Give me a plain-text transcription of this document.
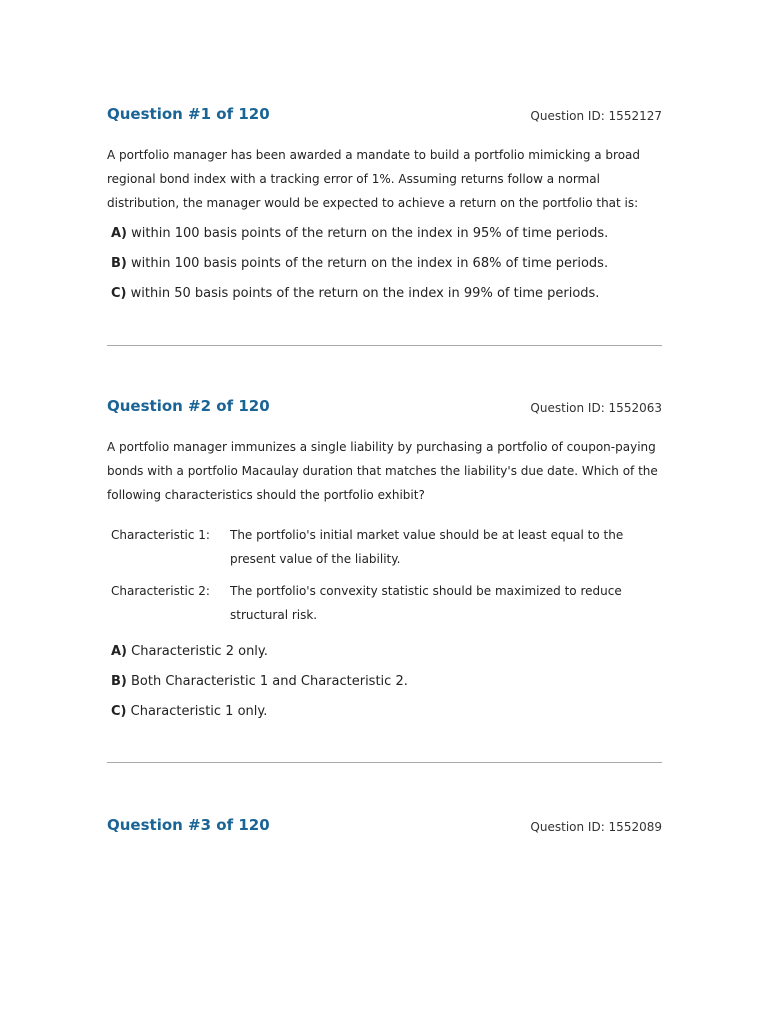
Question #1 of 120	Question ID: 1552127
A portfolio manager has been awarded a mandate to build a portfolio mimicking a broad regional bond index with a tracking error of 1%. Assuming returns follow a normal distribution, the manager would be expected to achieve a return on the portfolio that is:
A) within 100 basis points of the return on the index in 95% of time periods.
B) within 100 basis points of the return on the index in 68% of time periods.
C) within 50 basis points of the return on the index in 99% of time periods.
Question #2 of 120	Question ID: 1552063
A portfolio manager immunizes a single liability by purchasing a portfolio of coupon-paying bonds with a portfolio Macaulay duration that matches the liability's due date. Which of the following characteristics should the portfolio exhibit?
Characteristic 1:	The portfolio's initial market value should be at least equal to the present value of the liability.
Characteristic 2:	The portfolio's convexity statistic should be maximized to reduce structural risk.
A) Characteristic 2 only.
B) Both Characteristic 1 and Characteristic 2.
C) Characteristic 1 only.
Question #3 of 120	Question ID: 1552089
